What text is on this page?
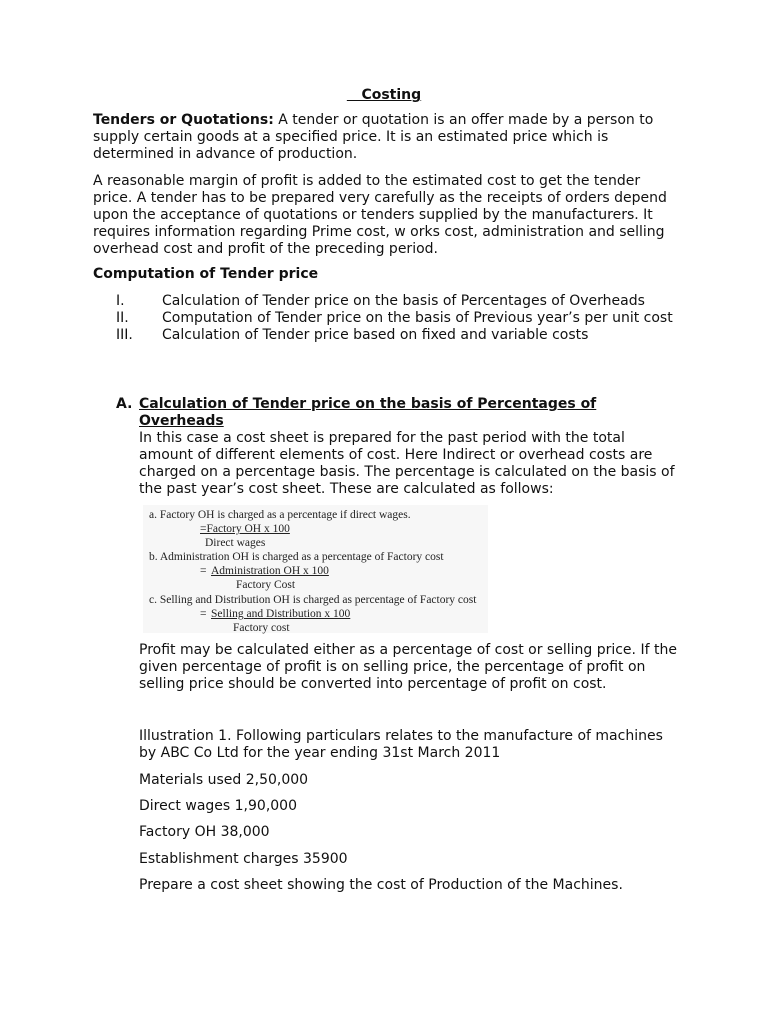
Costing
Tenders or Quotations: A tender or quotation is an offer made by a person to supply certain goods at a specified price. It is an estimated price which is determined in advance of production.
A reasonable margin of profit is added to the estimated cost to get the tender price. A tender has to be prepared very carefully as the receipts of orders depend upon the acceptance of quotations or tenders supplied by the manufacturers. It requires information regarding Prime cost, w orks cost, administration and selling overhead cost and profit of the preceding period.
Computation of Tender price
I.	Calculation of Tender price on the basis of Percentages of Overheads
II.	Computation of Tender price on the basis of Previous year’s per unit cost
III.	Calculation of Tender price based on fixed and variable costs
A. Calculation of Tender price on the basis of Percentages of Overheads
In this case a cost sheet is prepared for the past period with the total amount of different elements of cost. Here Indirect or overhead costs are charged on a percentage basis. The percentage is calculated on the basis of the past year’s cost sheet. These are calculated as follows:
a. Factory OH is charged as a percentage if direct wages.
=Factory OH x 100
Direct wages
b. Administration OH is charged as a percentage of Factory cost
= Administration OH x 100
Factory Cost
c. Selling and Distribution OH is charged as percentage of Factory cost
= Selling and Distribution x 100
Factory cost
Profit may be calculated either as a percentage of cost or selling price. If the given percentage of profit is on selling price, the percentage of profit on selling price should be converted into percentage of profit on cost.
Illustration 1. Following particulars relates to the manufacture of machines by ABC Co Ltd for the year ending 31st March 2011
Materials used 2,50,000
Direct wages 1,90,000
Factory OH 38,000
Establishment charges 35900
Prepare a cost sheet showing the cost of Production of the Machines.
